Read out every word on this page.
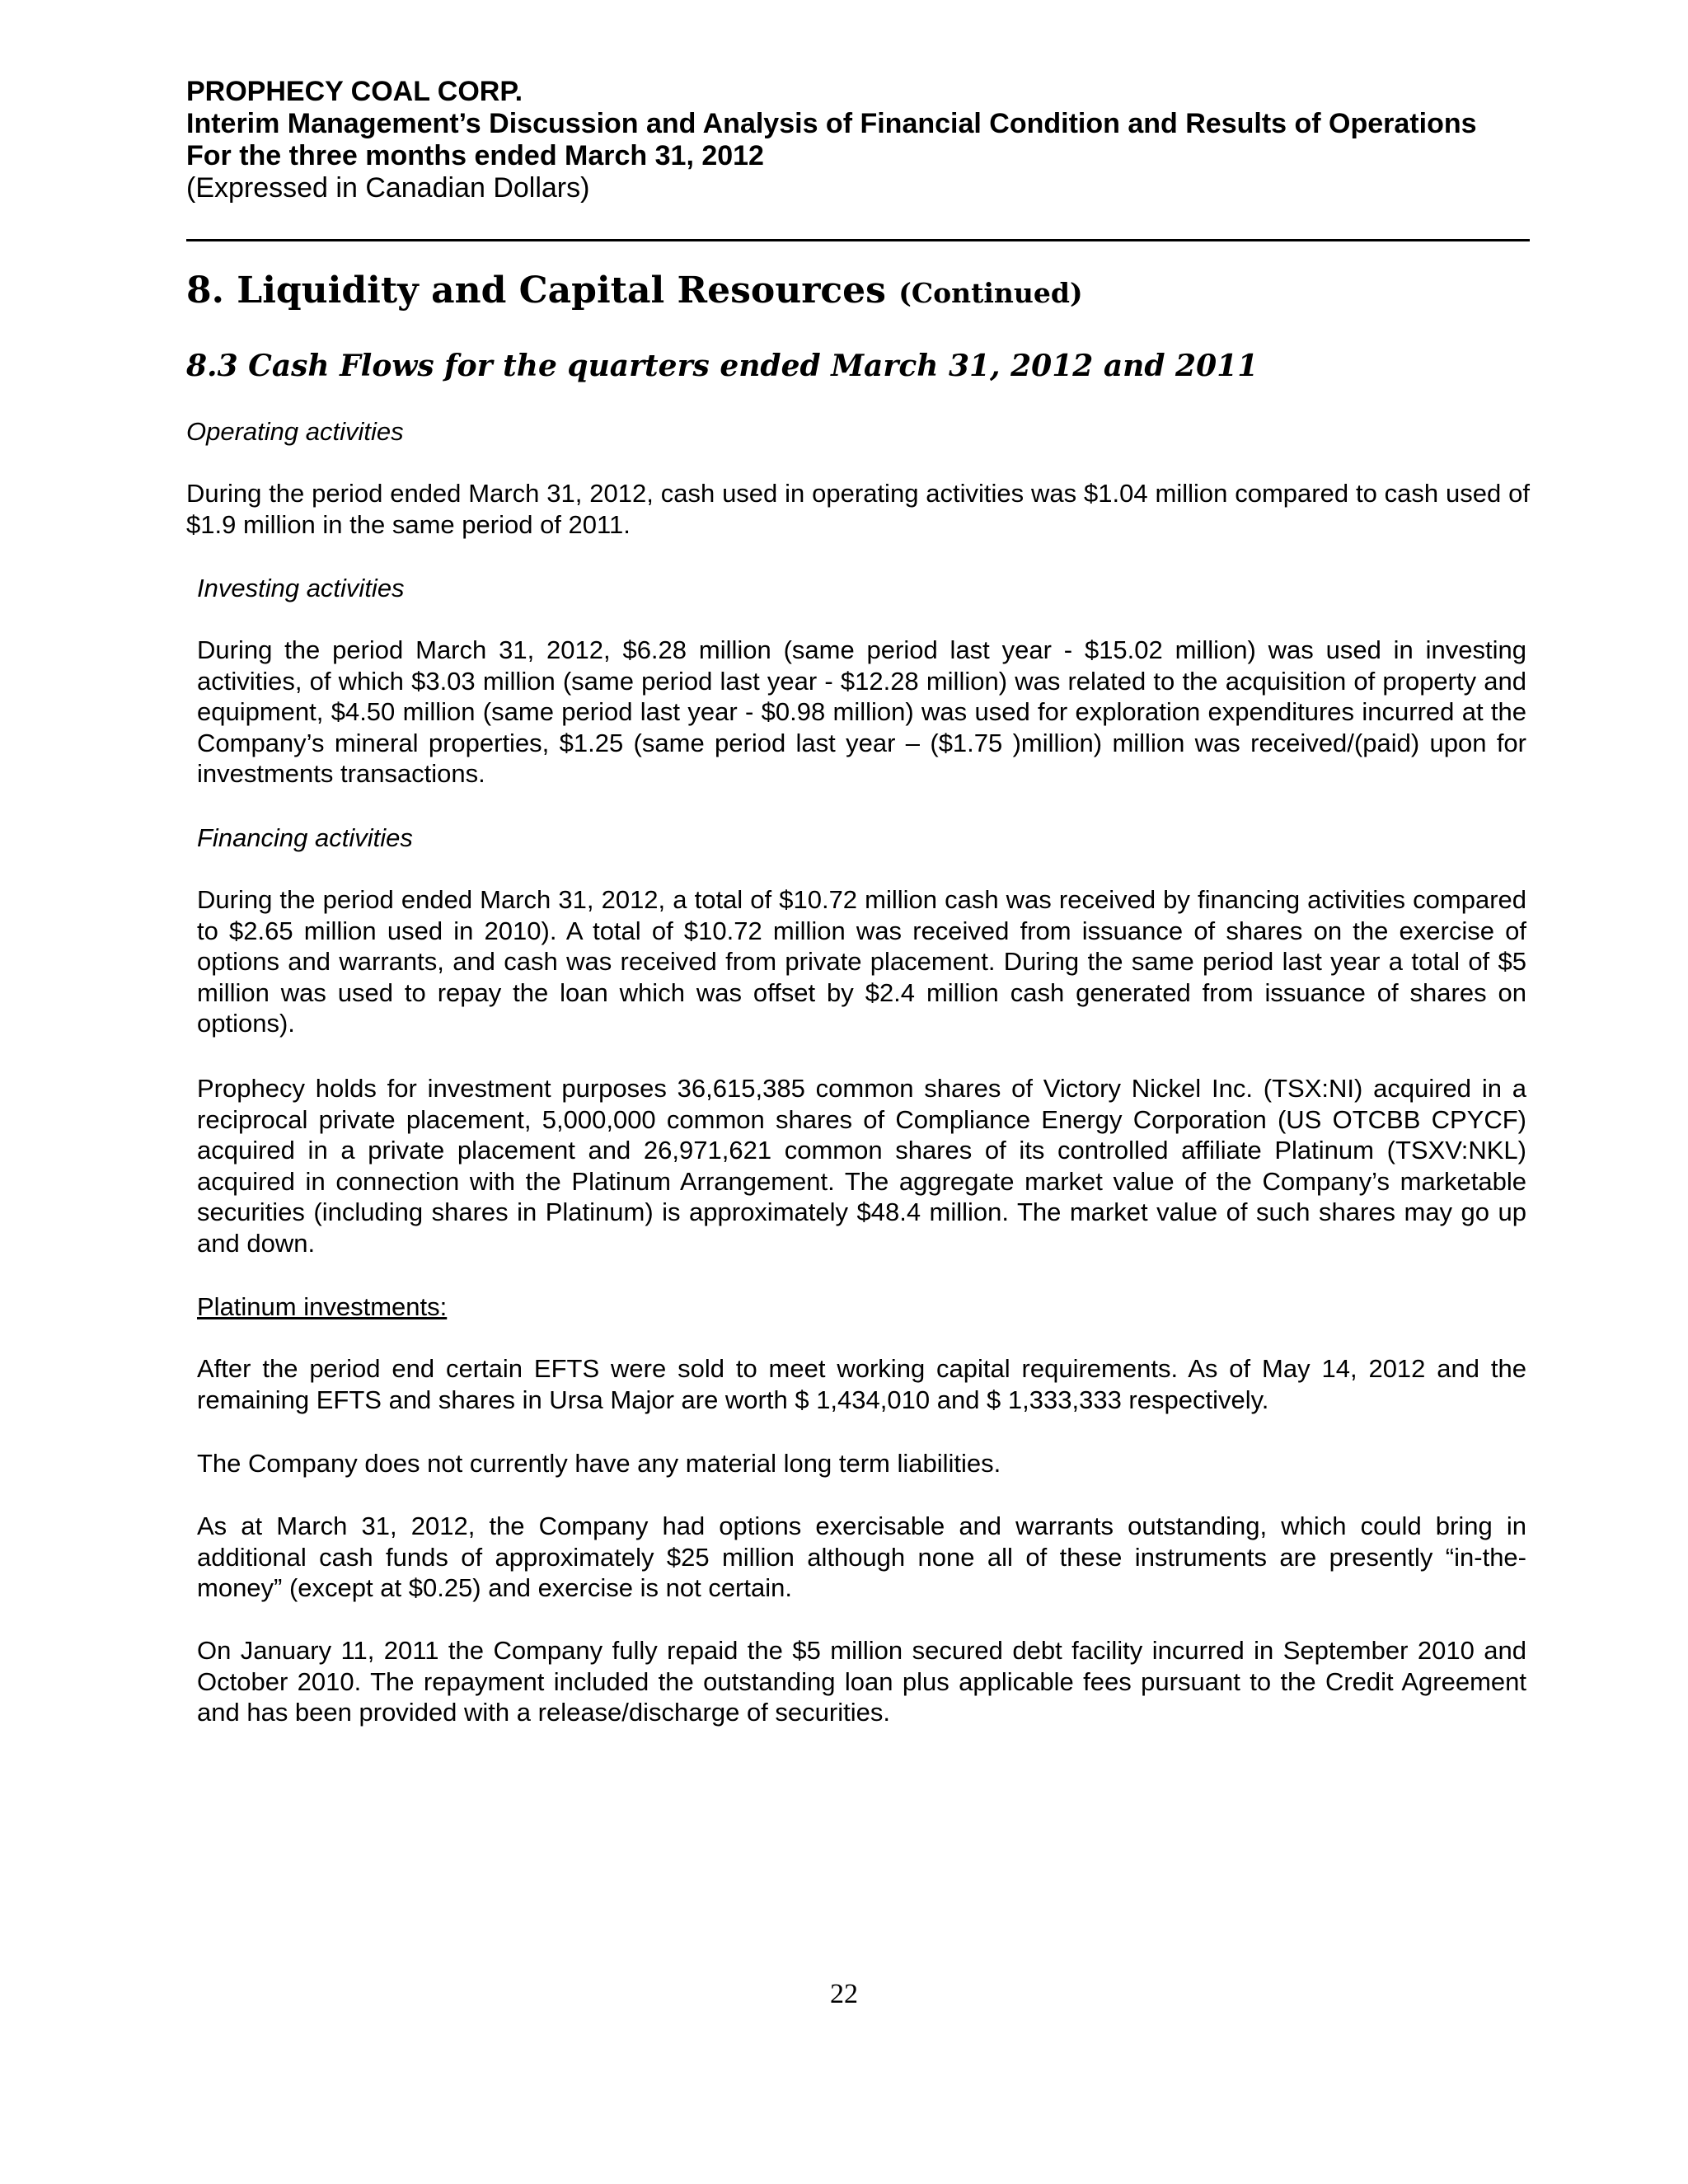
PROPHECY COAL CORP.
Interim Management’s Discussion and Analysis of Financial Condition and Results of Operations
For the three months ended March 31, 2012
(Expressed in Canadian Dollars)
8. Liquidity and Capital Resources (Continued)
8.3 Cash Flows for the quarters ended March 31, 2012 and 2011
Operating activities
During the period ended March 31, 2012, cash used in operating activities was $1.04 million compared to cash used of $1.9 million in the same period of 2011.
Investing activities
During the period March 31, 2012, $6.28 million (same period last year - $15.02 million) was used in investing activities, of which $3.03 million (same period last year - $12.28 million) was related to the acquisition of property and equipment, $4.50 million (same period last year - $0.98 million) was used for exploration expenditures incurred at the Company’s mineral properties, $1.25 (same period last year – ($1.75 )million) million was received/(paid) upon for investments transactions.
Financing activities
During the period ended March 31, 2012, a total of $10.72 million cash was received by financing activities compared to $2.65 million used in 2010). A total of $10.72 million was received from issuance of shares on the exercise of options and warrants, and cash was received from private placement. During the same period last year a total of $5 million was used to repay the loan which was offset by $2.4 million cash generated from issuance of shares on options).
Prophecy holds for investment purposes 36,615,385 common shares of Victory Nickel Inc. (TSX:NI) acquired in a reciprocal private placement, 5,000,000 common shares of Compliance Energy Corporation (US OTCBB CPYCF) acquired in a private placement and 26,971,621 common shares of its controlled affiliate Platinum (TSXV:NKL) acquired in connection with the Platinum Arrangement. The aggregate market value of the Company’s marketable securities (including shares in Platinum) is approximately $48.4 million. The market value of such shares may go up and down.
Platinum investments:
After the period end certain EFTS were sold to meet working capital requirements. As of May 14, 2012 and the remaining EFTS and shares in Ursa Major are worth $ 1,434,010 and $ 1,333,333 respectively.
The Company does not currently have any material long term liabilities.
As at March 31, 2012, the Company had options exercisable and warrants outstanding, which could bring in additional cash funds of approximately $25 million although none all of these instruments are presently “in-the-money” (except at $0.25) and exercise is not certain.
On January 11, 2011 the Company fully repaid the $5 million secured debt facility incurred in September 2010 and October 2010. The repayment included the outstanding loan plus applicable fees pursuant to the Credit Agreement and has been provided with a release/discharge of securities.
22
